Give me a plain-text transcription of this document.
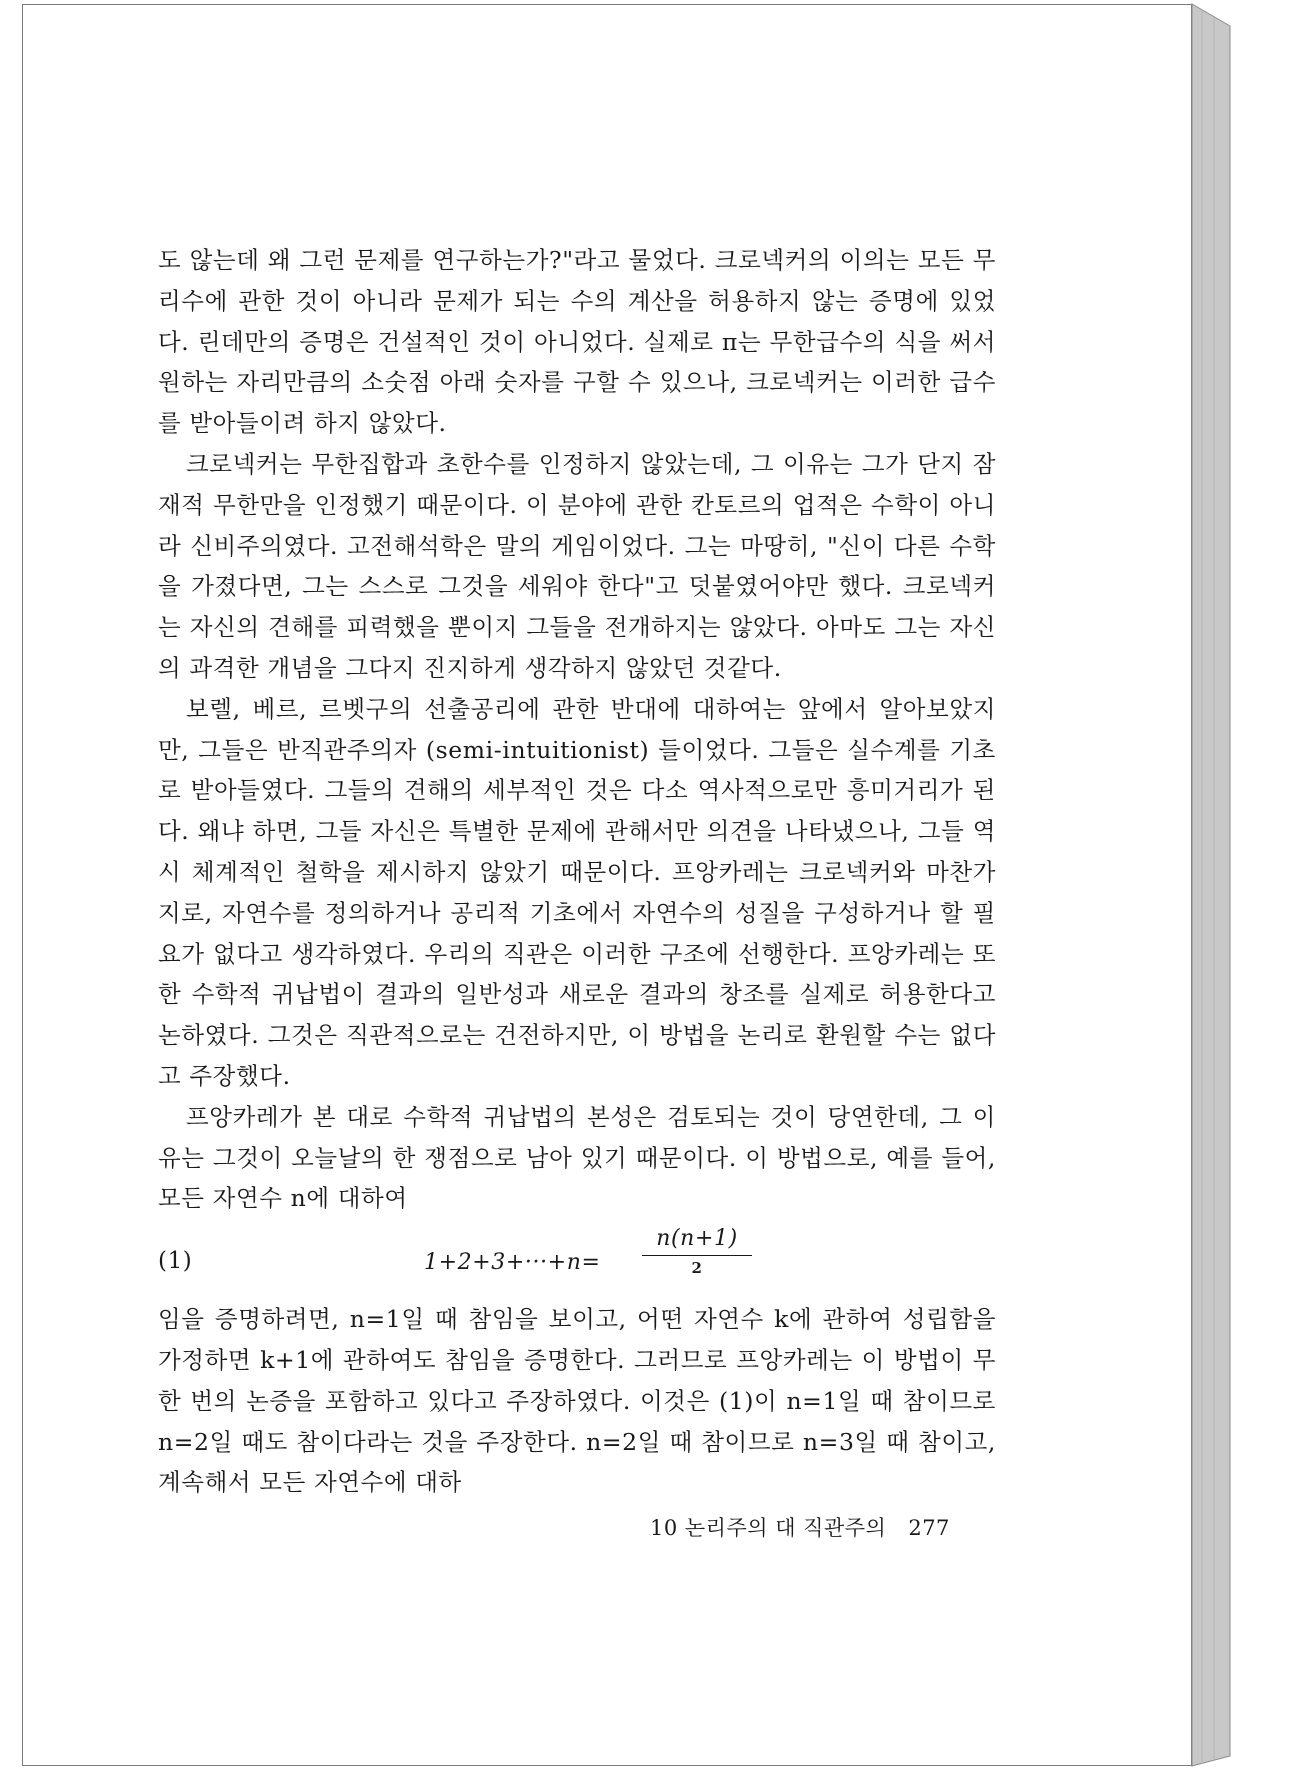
도 않는데 왜 그런 문제를 연구하는가?"라고 물었다. 크로넥커의 이의는 모든 무리수에 관한 것이 아니라 문제가 되는 수의 계산을 허용하지 않는 증명에 있었다. 린데만의 증명은 건설적인 것이 아니었다. 실제로 π는 무한급수의 식을 써서 원하는 자리만큼의 소숫점 아래 숫자를 구할 수 있으나, 크로넥커는 이러한 급수를 받아들이려 하지 않았다.

크로넥커는 무한집합과 초한수를 인정하지 않았는데, 그 이유는 그가 단지 잠재적 무한만을 인정했기 때문이다. 이 분야에 관한 칸토르의 업적은 수학이 아니라 신비주의였다. 고전해석학은 말의 게임이었다. 그는 마땅히, "신이 다른 수학을 가졌다면, 그는 스스로 그것을 세워야 한다"고 덧붙였어야만 했다. 크로넥커는 자신의 견해를 피력했을 뿐이지 그들을 전개하지는 않았다. 아마도 그는 자신의 과격한 개념을 그다지 진지하게 생각하지 않았던 것같다.

보렐, 베르, 르벳구의 선출공리에 관한 반대에 대하여는 앞에서 알아보았지만, 그들은 반직관주의자 (semi-intuitionist) 들이었다. 그들은 실수계를 기초로 받아들였다. 그들의 견해의 세부적인 것은 다소 역사적으로만 흥미거리가 된다. 왜냐 하면, 그들 자신은 특별한 문제에 관해서만 의견을 나타냈으나, 그들 역시 체계적인 철학을 제시하지 않았기 때문이다. 프앙카레는 크로넥커와 마찬가지로, 자연수를 정의하거나 공리적 기초에서 자연수의 성질을 구성하거나 할 필요가 없다고 생각하였다. 우리의 직관은 이러한 구조에 선행한다. 프앙카레는 또한 수학적 귀납법이 결과의 일반성과 새로운 결과의 창조를 실제로 허용한다고 논하였다. 그것은 직관적으로는 건전하지만, 이 방법을 논리로 환원할 수는 없다고 주장했다.

프앙카레가 본 대로 수학적 귀납법의 본성은 검토되는 것이 당연한데, 그 이유는 그것이 오늘날의 한 쟁점으로 남아 있기 때문이다. 이 방법으로, 예를 들어, 모든 자연수 n에 대하여

(1)	1+2+3+···+n=
n(n+1)
2

임을 증명하려면, n=1일 때 참임을 보이고, 어떤 자연수 k에 관하여 성립함을 가정하면 k+1에 관하여도 참임을 증명한다. 그러므로 프앙카레는 이 방법이 무한 번의 논증을 포함하고 있다고 주장하였다. 이것은 (1)이 n=1일 때 참이므로 n=2일 때도 참이다라는 것을 주장한다. n=2일 때 참이므로 n=3일 때 참이고, 계속해서 모든 자연수에 대하

10 논리주의 대 직관주의 277
